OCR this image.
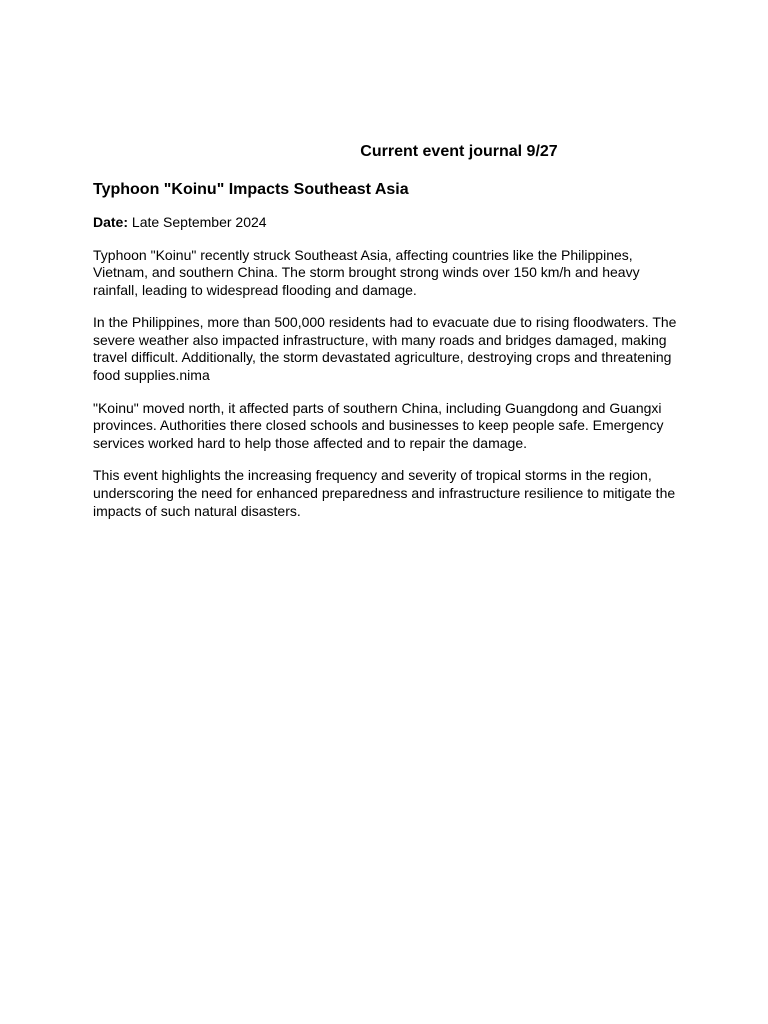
Current event journal 9/27
Typhoon "Koinu" Impacts Southeast Asia
Date: Late September 2024

Typhoon "Koinu" recently struck Southeast Asia, affecting countries like the Philippines, Vietnam, and southern China. The storm brought strong winds over 150 km/h and heavy rainfall, leading to widespread flooding and damage.

In the Philippines, more than 500,000 residents had to evacuate due to rising floodwaters. The severe weather also impacted infrastructure, with many roads and bridges damaged, making travel difficult. Additionally, the storm devastated agriculture, destroying crops and threatening food supplies.nima

"Koinu" moved north, it affected parts of southern China, including Guangdong and Guangxi provinces. Authorities there closed schools and businesses to keep people safe. Emergency services worked hard to help those affected and to repair the damage.

This event highlights the increasing frequency and severity of tropical storms in the region, underscoring the need for enhanced preparedness and infrastructure resilience to mitigate the impacts of such natural disasters.
